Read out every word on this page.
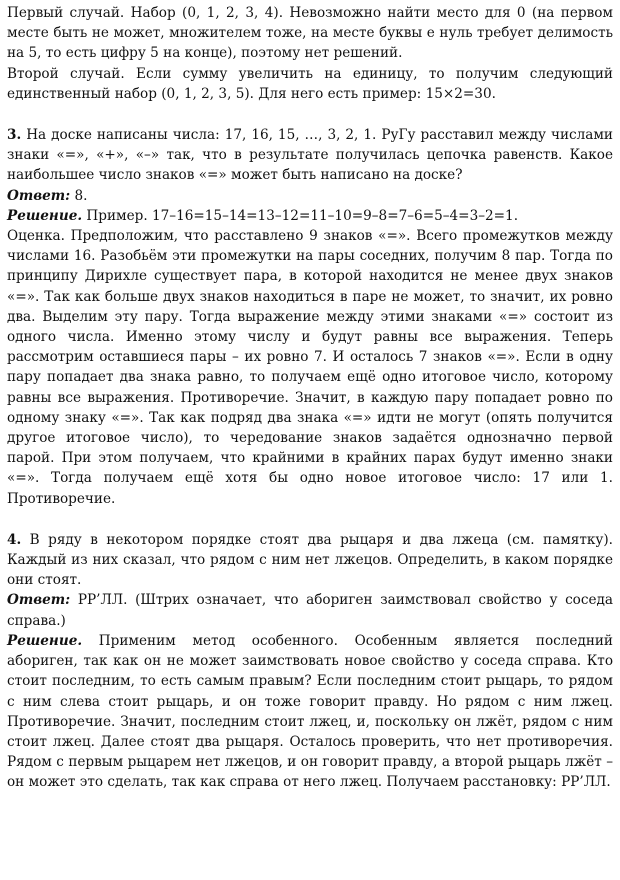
Первый случай. Набор (0, 1, 2, 3, 4). Невозможно найти место для 0 (на первом месте быть не может, множителем тоже, на месте буквы e нуль требует делимость на 5, то есть цифру 5 на конце), поэтому нет решений.

Второй случай. Если сумму увеличить на единицу, то получим следующий единственный набор (0, 1, 2, 3, 5). Для него есть пример: 15×2=30.

3. На доске написаны числа: 17, 16, 15, …, 3, 2, 1. РуГу расставил между числами знаки «=», «+», «–» так, что в результате получилась цепочка равенств. Какое наибольшее число знаков «=» может быть написано на доске?

Ответ: 8.

Решение. Пример. 17–16=15–14=13–12=11–10=9–8=7–6=5–4=3–2=1.

Оценка. Предположим, что расставлено 9 знаков «=». Всего промежутков между числами 16. Разобьём эти промежутки на пары соседних, получим 8 пар. Тогда по принципу Дирихле существует пара, в которой находится не менее двух знаков «=». Так как больше двух знаков находиться в паре не может, то значит, их ровно два. Выделим эту пару. Тогда выражение между этими знаками «=» состоит из одного числа. Именно этому числу и будут равны все выражения. Теперь рассмотрим оставшиеся пары – их ровно 7. И осталось 7 знаков «=». Если в одну пару попадает два знака равно, то получаем ещё одно итоговое число, которому равны все выражения. Противоречие. Значит, в каждую пару попадает ровно по одному знаку «=». Так как подряд два знака «=» идти не могут (опять получится другое итоговое число), то чередование знаков задаётся однозначно первой парой. При этом получаем, что крайними в крайних парах будут именно знаки «=». Тогда получаем ещё хотя бы одно новое итоговое число: 17 или 1. Противоречие.

4. В ряду в некотором порядке стоят два рыцаря и два лжеца (см. памятку). Каждый из них сказал, что рядом с ним нет лжецов. Определить, в каком порядке они стоят.

Ответ: РР’ЛЛ. (Штрих означает, что абориген заимствовал свойство у соседа справа.)

Решение. Применим метод особенного. Особенным является последний абориген, так как он не может заимствовать новое свойство у соседа справа. Кто стоит последним, то есть самым правым? Если последним стоит рыцарь, то рядом с ним слева стоит рыцарь, и он тоже говорит правду. Но рядом с ним лжец. Противоречие. Значит, последним стоит лжец, и, поскольку он лжёт, рядом с ним стоит лжец. Далее стоят два рыцаря. Осталось проверить, что нет противоречия. Рядом с первым рыцарем нет лжецов, и он говорит правду, а второй рыцарь лжёт – он может это сделать, так как справа от него лжец. Получаем расстановку: РР’ЛЛ.
